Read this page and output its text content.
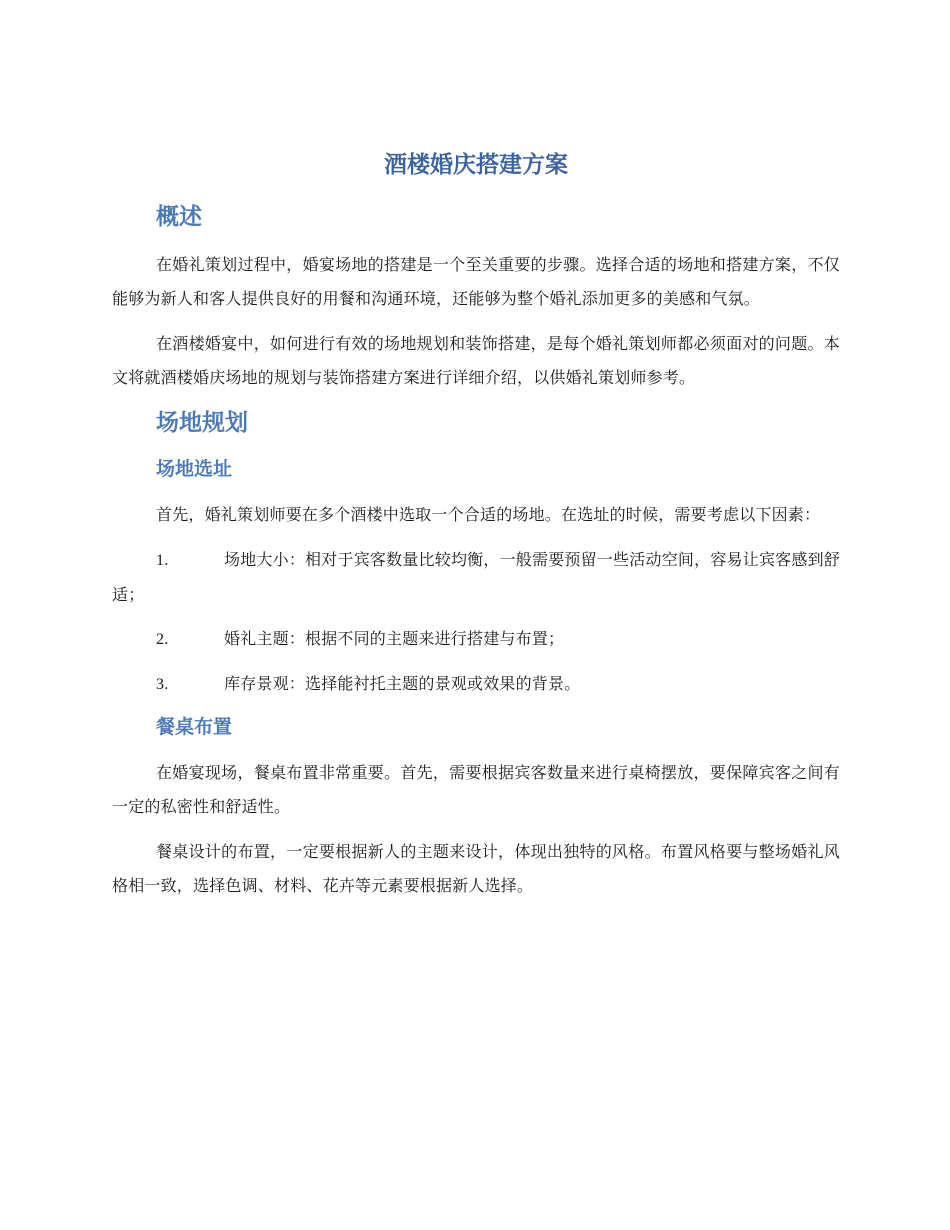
酒楼婚庆搭建方案
概述

在婚礼策划过程中，婚宴场地的搭建是一个至关重要的步骤。选择合适的场地和搭建方案，不仅能够为新人和客人提供良好的用餐和沟通环境，还能够为整个婚礼添加更多的美感和气氛。

在酒楼婚宴中，如何进行有效的场地规划和装饰搭建，是每个婚礼策划师都必须面对的问题。本文将就酒楼婚庆场地的规划与装饰搭建方案进行详细介绍，以供婚礼策划师参考。

场地规划
场地选址

首先，婚礼策划师要在多个酒楼中选取一个合适的场地。在选址的时候，需要考虑以下因素：

1.	场地大小：相对于宾客数量比较均衡，一般需要预留一些活动空间，容易让宾客感到舒适；
2.	婚礼主题：根据不同的主题来进行搭建与布置；
3.	库存景观：选择能衬托主题的景观或效果的背景。
餐桌布置

在婚宴现场，餐桌布置非常重要。首先，需要根据宾客数量来进行桌椅摆放，要保障宾客之间有一定的私密性和舒适性。

餐桌设计的布置，一定要根据新人的主题来设计，体现出独特的风格。布置风格要与整场婚礼风格相一致，选择色调、材料、花卉等元素要根据新人选择。
